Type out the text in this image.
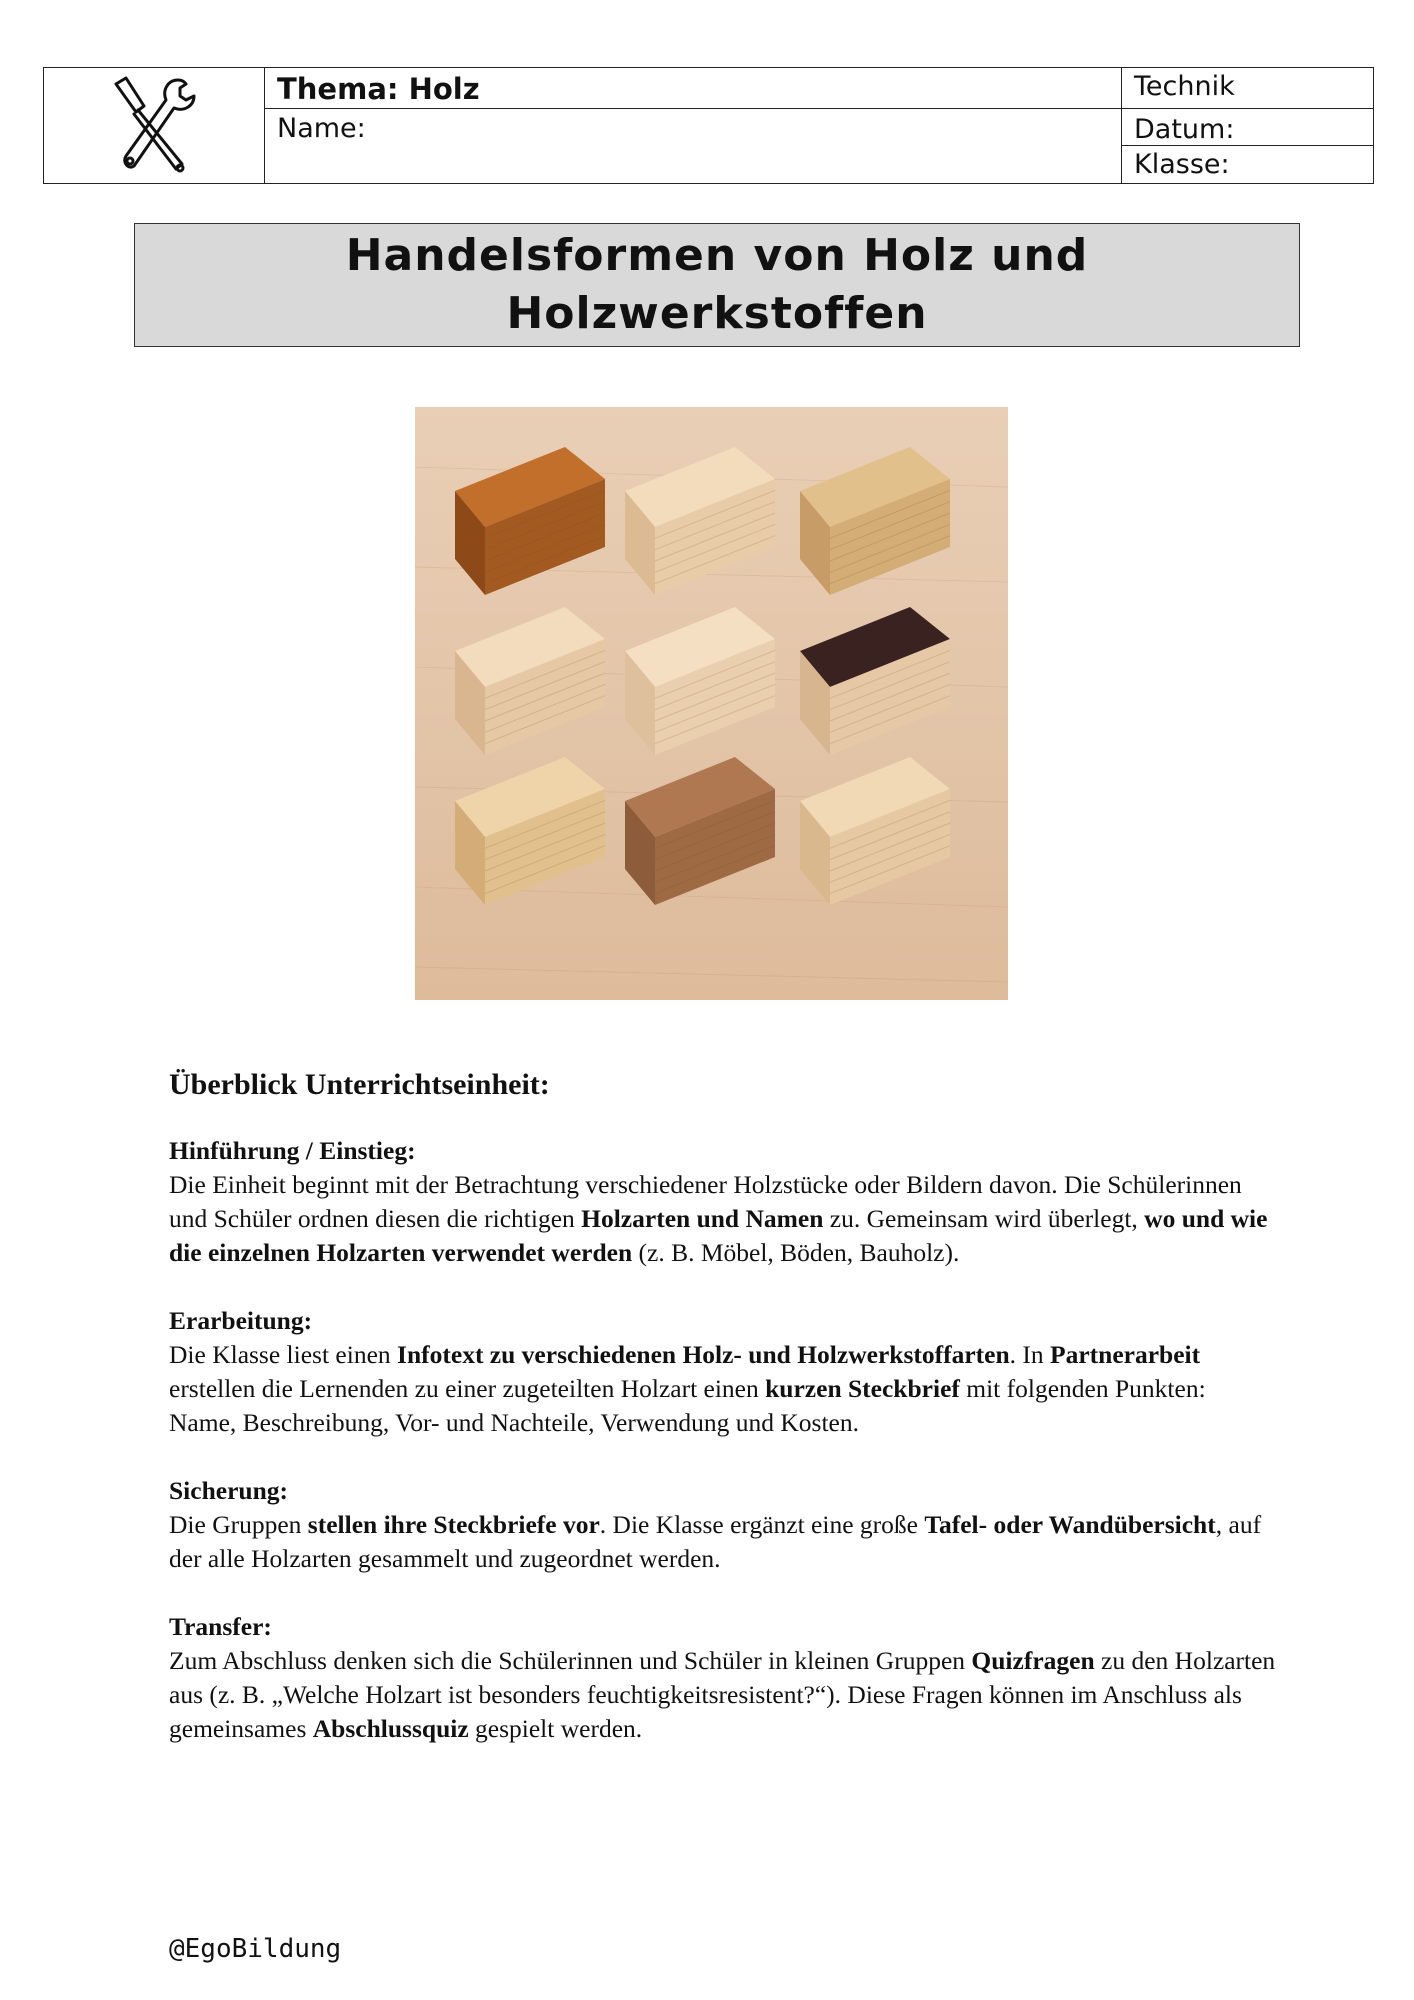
Thema: Holz
Name:
Technik
Datum:
Klasse:
Handelsformen von Holz und Holzwerkstoffen
Überblick Unterrichtseinheit:
Hinführung / Einstieg:

Die Einheit beginnt mit der Betrachtung verschiedener Holzstücke oder Bildern davon. Die Schülerinnen und Schüler ordnen diesen die richtigen Holzarten und Namen zu. Gemeinsam wird überlegt, wo und wie die einzelnen Holzarten verwendet werden (z. B. Möbel, Böden, Bauholz).

Erarbeitung:

Die Klasse liest einen Infotext zu verschiedenen Holz- und Holzwerkstoffarten. In Partnerarbeit erstellen die Lernenden zu einer zugeteilten Holzart einen kurzen Steckbrief mit folgenden Punkten: Name, Beschreibung, Vor- und Nachteile, Verwendung und Kosten.

Sicherung:

Die Gruppen stellen ihre Steckbriefe vor. Die Klasse ergänzt eine große Tafel- oder Wandübersicht, auf der alle Holzarten gesammelt und zugeordnet werden.

Transfer:

Zum Abschluss denken sich die Schülerinnen und Schüler in kleinen Gruppen Quizfragen zu den Holzarten aus (z. B. „Welche Holzart ist besonders feuchtigkeitsresistent?“). Diese Fragen können im Anschluss als gemeinsames Abschlussquiz gespielt werden.

@EgoBildung
